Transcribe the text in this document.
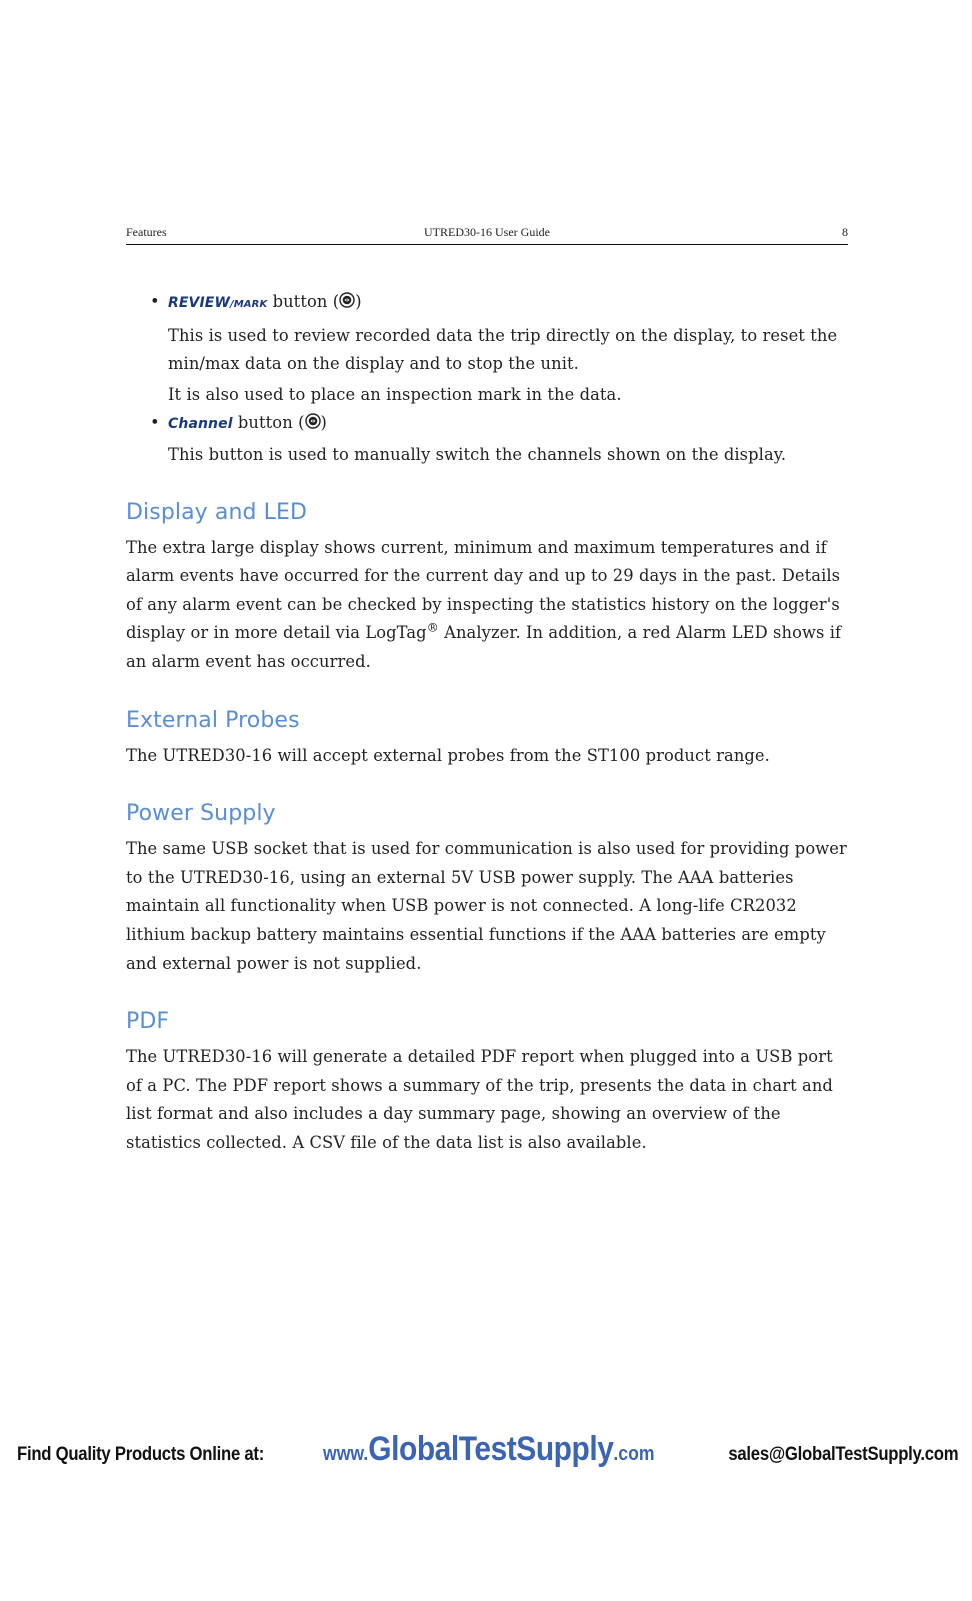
Features	UTRED30-16 User Guide	8
• REVIEW/MARK button ( )

This is used to review recorded data the trip directly on the display, to reset the min/max data on the display and to stop the unit.

It is also used to place an inspection mark in the data.

• Channel button ( )

This button is used to manually switch the channels shown on the display.

Display and LED

The extra large display shows current, minimum and maximum temperatures and if alarm events have occurred for the current day and up to 29 days in the past. Details of any alarm event can be checked by inspecting the statistics history on the logger's display or in more detail via LogTag® Analyzer. In addition, a red Alarm LED shows if an alarm event has occurred.

External Probes

The UTRED30-16 will accept external probes from the ST100 product range.

Power Supply

The same USB socket that is used for communication is also used for providing power to the UTRED30-16, using an external 5V USB power supply. The AAA batteries maintain all functionality when USB power is not connected. A long-life CR2032 lithium backup battery maintains essential functions if the AAA batteries are empty and external power is not supplied.

PDF

The UTRED30-16 will generate a detailed PDF report when plugged into a USB port of a PC. The PDF report shows a summary of the trip, presents the data in chart and list format and also includes a day summary page, showing an overview of the statistics collected. A CSV file of the data list is also available.

Find Quality Products Online at:	www.GlobalTestSupply.com	sales@GlobalTestSupply.com
